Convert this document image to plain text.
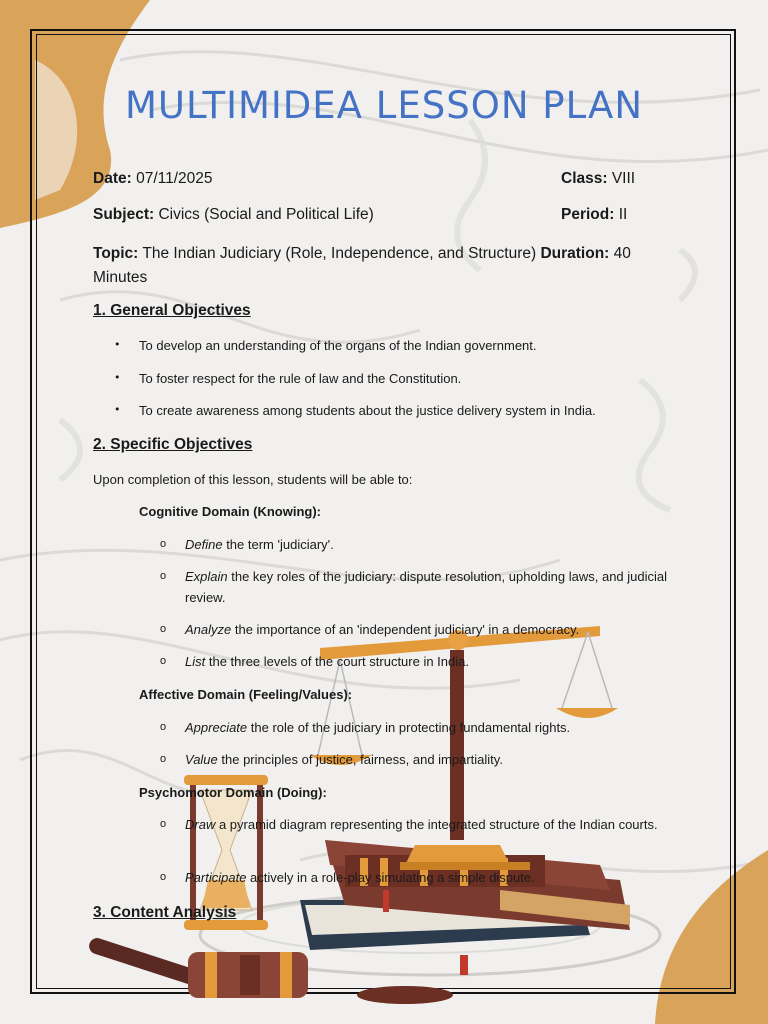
MULTIMIDEA LESSON PLAN
Date: 07/11/2025	Class: VIII
Subject: Civics (Social and Political Life)	Period: II
Topic: The Indian Judiciary (Role, Independence, and Structure) Duration: 40
Minutes
1. General Objectives
• To develop an understanding of the organs of the Indian government.
• To foster respect for the rule of law and the Constitution.
• To create awareness among students about the justice delivery system in India.
2. Specific Objectives
Upon completion of this lesson, students will be able to:
Cognitive Domain (Knowing):
o Define the term 'judiciary'.
o Explain the key roles of the judiciary: dispute resolution, upholding laws, and judicial review.
o Analyze the importance of an 'independent judiciary' in a democracy.
o List the three levels of the court structure in India.
Affective Domain (Feeling/Values):
o Appreciate the role of the judiciary in protecting fundamental rights.
o Value the principles of justice, fairness, and impartiality.
Psychomotor Domain (Doing):
o Draw a pyramid diagram representing the integrated structure of the Indian courts.
o Participate actively in a role-play simulating a simple dispute.
3. Content Analysis
